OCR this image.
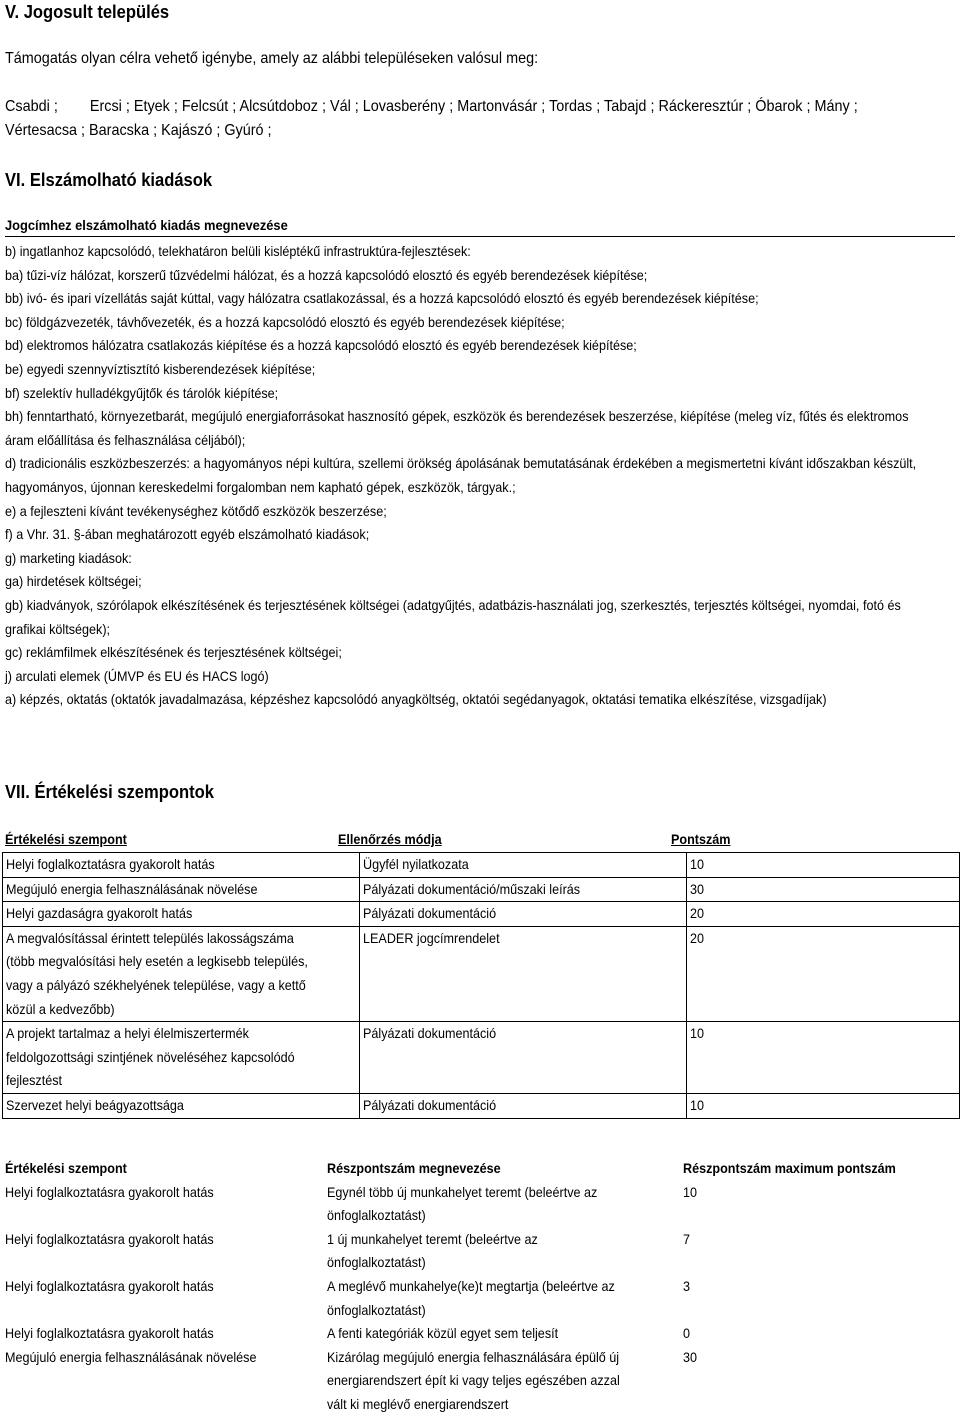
V. Jogosult település
Támogatás olyan célra vehető igénybe, amely az alábbi településeken valósul meg:
Csabdi ; Ercsi ; Etyek ; Felcsút ; Alcsútdoboz ; Vál ; Lovasberény ; Martonvásár ; Tordas ; Tabajd ; Ráckeresztúr ; Óbarok ; Mány ;
Vértesacsa ; Baracska ; Kajászó ; Gyúró ;
VI. Elszámolható kiadások
Jogcímhez elszámolható kiadás megnevezése
b) ingatlanhoz kapcsolódó, telekhatáron belüli kisléptékű infrastruktúra-fejlesztések:
ba) tűzi-víz hálózat, korszerű tűzvédelmi hálózat, és a hozzá kapcsolódó elosztó és egyéb berendezések kiépítése;
bb) ivó- és ipari vízellátás saját kúttal, vagy hálózatra csatlakozással, és a hozzá kapcsolódó elosztó és egyéb berendezések kiépítése;
bc) földgázvezeték, távhővezeték, és a hozzá kapcsolódó elosztó és egyéb berendezések kiépítése;
bd) elektromos hálózatra csatlakozás kiépítése és a hozzá kapcsolódó elosztó és egyéb berendezések kiépítése;
be) egyedi szennyvíztisztító kisberendezések kiépítése;
bf) szelektív hulladékgyűjtők és tárolók kiépítése;
bh) fenntartható, környezetbarát, megújuló energiaforrásokat hasznosító gépek, eszközök és berendezések beszerzése, kiépítése (meleg víz, fűtés és elektromos áram előállítása és felhasználása céljából);
d) tradicionális eszközbeszerzés: a hagyományos népi kultúra, szellemi örökség ápolásának bemutatásának érdekében a megismertetni kívánt időszakban készült, hagyományos, újonnan kereskedelmi forgalomban nem kapható gépek, eszközök, tárgyak.;
e) a fejleszteni kívánt tevékenységhez kötődő eszközök beszerzése;
f) a Vhr. 31. §-ában meghatározott egyéb elszámolható kiadások;
g) marketing kiadások:
ga) hirdetések költségei;
gb) kiadványok, szórólapok elkészítésének és terjesztésének költségei (adatgyűjtés, adatbázis-használati jog, szerkesztés, terjesztés költségei, nyomdai, fotó és grafikai költségek);
gc) reklámfilmek elkészítésének és terjesztésének költségei;
j) arculati elemek (ÚMVP és EU és HACS logó)
a) képzés, oktatás (oktatók javadalmazása, képzéshez kapcsolódó anyagköltség, oktatói segédanyagok, oktatási tematika elkészítése, vizsgadíjak)
VII. Értékelési szempontok
Értékelési szempont	Ellenőrzés módja	Pontszám
Helyi foglalkoztatásra gyakorolt hatás	Ügyfél nyilatkozata	10
Megújuló energia felhasználásának növelése	Pályázati dokumentáció/műszaki leírás	30
Helyi gazdaságra gyakorolt hatás	Pályázati dokumentáció	20
A megvalósítással érintett település lakosságszáma (több megvalósítási hely esetén a legkisebb település, vagy a pályázó székhelyének települése, vagy a kettő közül a kedvezőbb)	LEADER jogcímrendelet	20
A projekt tartalmaz a helyi élelmiszertermék feldolgozottsági szintjének növeléséhez kapcsolódó fejlesztést	Pályázati dokumentáció	10
Szervezet helyi beágyazottsága	Pályázati dokumentáció	10
Értékelési szempont	Részpontszám megnevezése	Részpontszám maximum pontszám
Helyi foglalkoztatásra gyakorolt hatás	Egynél több új munkahelyet teremt (beleértve az önfoglalkoztatást)	10
Helyi foglalkoztatásra gyakorolt hatás	1 új munkahelyet teremt (beleértve az önfoglalkoztatást)	7
Helyi foglalkoztatásra gyakorolt hatás	A meglévő munkahelye(ke)t megtartja (beleértve az önfoglalkoztatást)	3
Helyi foglalkoztatásra gyakorolt hatás	A fenti kategóriák közül egyet sem teljesít	0
Megújuló energia felhasználásának növelése	Kizárólag megújuló energia felhasználására épülő új energiarendszert épít ki vagy teljes egészében azzal vált ki meglévő energiarendszert	30
